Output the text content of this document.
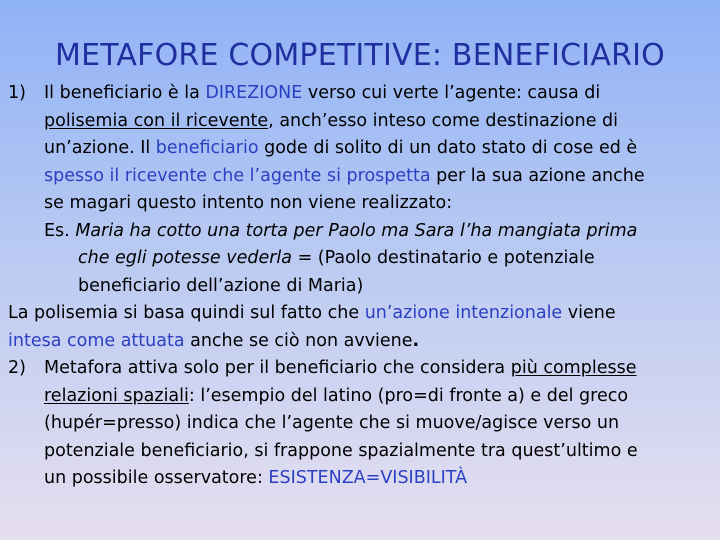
METAFORE COMPETITIVE: BENEFICIARIO
1) Il beneficiario è la DIREZIONE verso cui verte l’agente: causa di
polisemia con il ricevente, anch’esso inteso come destinazione di
un’azione. Il beneficiario gode di solito di un dato stato di cose ed è
spesso il ricevente che l’agente si prospetta per la sua azione anche
se magari questo intento non viene realizzato:
Es. Maria ha cotto una torta per Paolo ma Sara l’ha mangiata prima
che egli potesse vederla = (Paolo destinatario e potenziale
beneficiario dell’azione di Maria)
La polisemia si basa quindi sul fatto che un’azione intenzionale viene
intesa come attuata anche se ciò non avviene.
2) Metafora attiva solo per il beneficiario che considera più complesse
relazioni spaziali: l’esempio del latino (pro=di fronte a) e del greco
(hupér=presso) indica che l’agente che si muove/agisce verso un
potenziale beneficiario, si frappone spazialmente tra quest’ultimo e
un possibile osservatore: ESISTENZA=VISIBILITÀ
